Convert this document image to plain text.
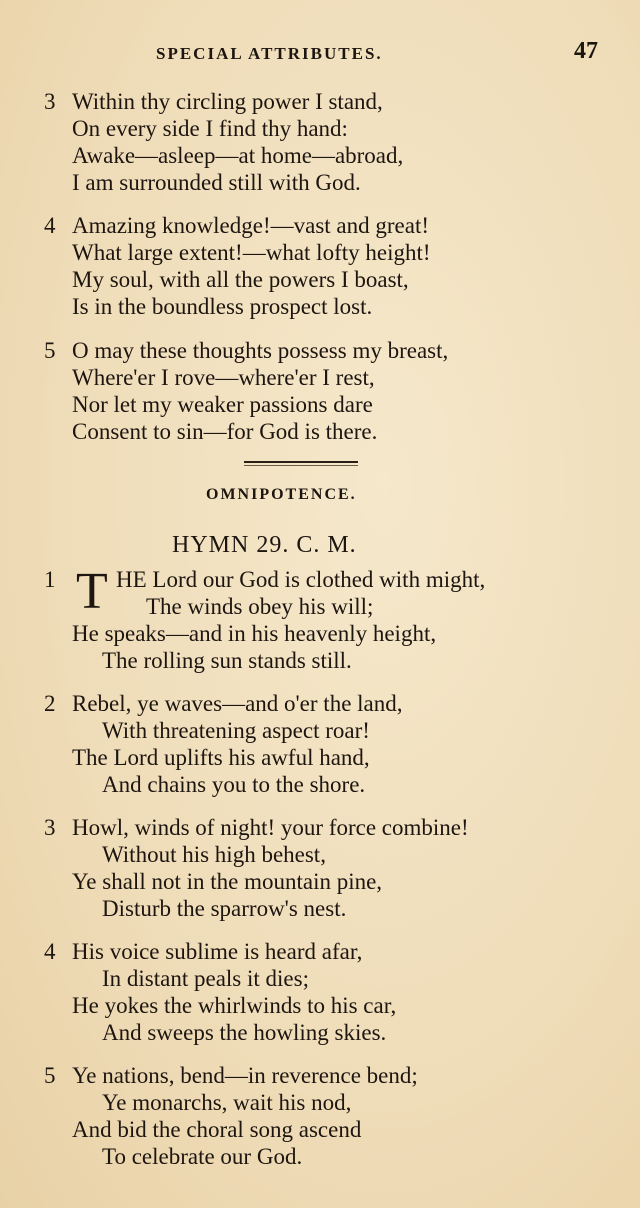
SPECIAL ATTRIBUTES.	47
3 Within thy circling power I stand,
On every side I find thy hand:
Awake—asleep—at home—abroad,
I am surrounded still with God.
4 Amazing knowledge!—vast and great!
What large extent!—what lofty height!
My soul, with all the powers I boast,
Is in the boundless prospect lost.
5 O may these thoughts possess my breast,
Where'er I rove—where'er I rest,
Nor let my weaker passions dare
Consent to sin—for God is there.
OMNIPOTENCE.
HYMN 29. C. M.
T
1	HE Lord our God is clothed with might,
The winds obey his will;
He speaks—and in his heavenly height,
The rolling sun stands still.
2 Rebel, ye waves—and o'er the land,
With threatening aspect roar!
The Lord uplifts his awful hand,
And chains you to the shore.
3 Howl, winds of night! your force combine!
Without his high behest,
Ye shall not in the mountain pine,
Disturb the sparrow's nest.
4 His voice sublime is heard afar,
In distant peals it dies;
He yokes the whirlwinds to his car,
And sweeps the howling skies.
5 Ye nations, bend—in reverence bend;
Ye monarchs, wait his nod,
And bid the choral song ascend
To celebrate our God.
